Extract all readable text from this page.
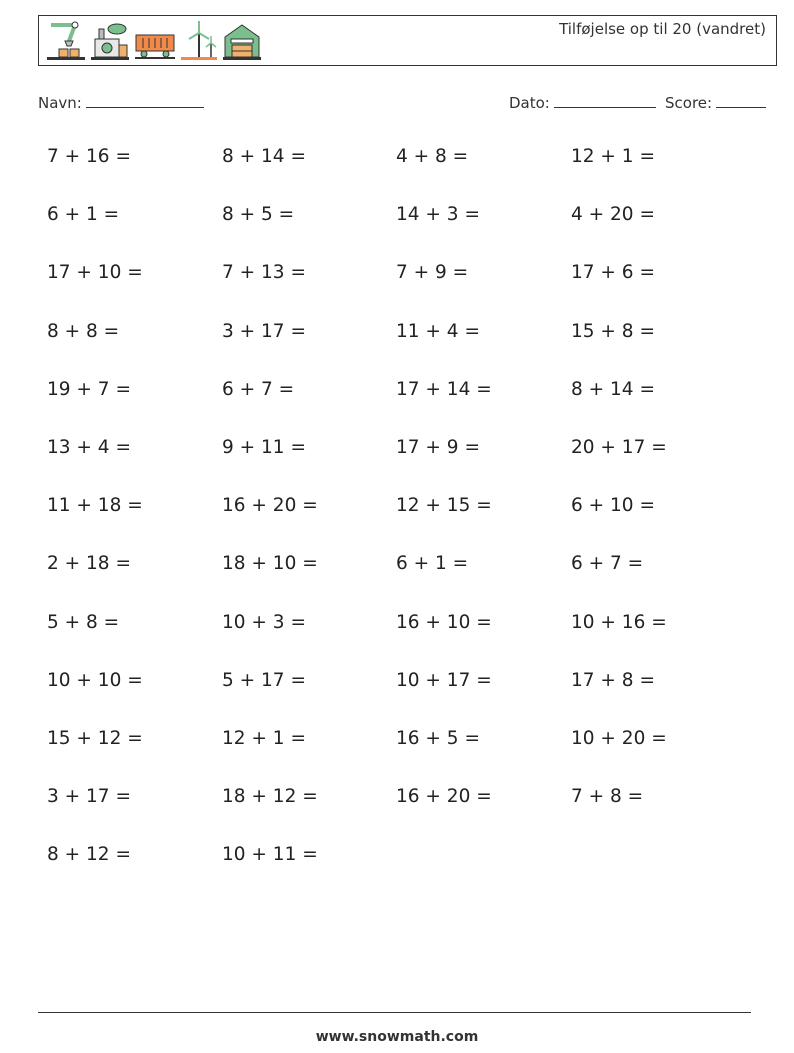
Tilføjelse op til 20 (vandret)
Navn:	Dato:	Score:
7 + 16 =	8 + 14 =	4 + 8 =	12 + 1 =
6 + 1 =	8 + 5 =	14 + 3 =	4 + 20 =
17 + 10 =	7 + 13 =	7 + 9 =	17 + 6 =
8 + 8 =	3 + 17 =	11 + 4 =	15 + 8 =
19 + 7 =	6 + 7 =	17 + 14 =	8 + 14 =
13 + 4 =	9 + 11 =	17 + 9 =	20 + 17 =
11 + 18 =	16 + 20 =	12 + 15 =	6 + 10 =
2 + 18 =	18 + 10 =	6 + 1 =	6 + 7 =
5 + 8 =	10 + 3 =	16 + 10 =	10 + 16 =
10 + 10 =	5 + 17 =	10 + 17 =	17 + 8 =
15 + 12 =	12 + 1 =	16 + 5 =	10 + 20 =
3 + 17 =	18 + 12 =	16 + 20 =	7 + 8 =
8 + 12 =	10 + 11 =
www.snowmath.com
